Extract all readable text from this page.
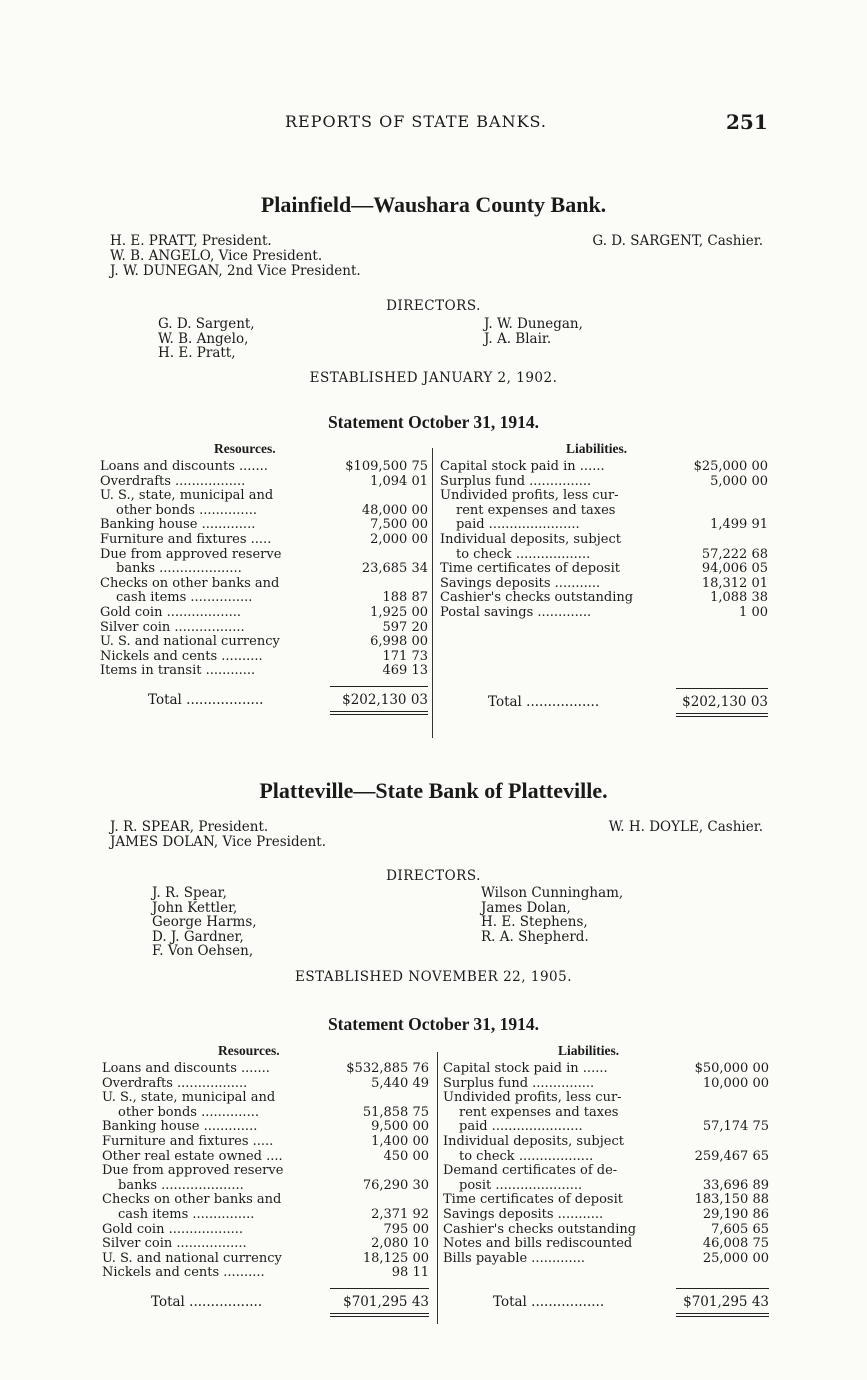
REPORTS OF STATE BANKS.	251
Plainfield—Waushara County Bank.
H. E. PRATT, President.
W. B. ANGELO, Vice President.
J. W. DUNEGAN, 2nd Vice President.
G. D. SARGENT, Cashier.
DIRECTORS.
G. D. Sargent,
W. B. Angelo,
H. E. Pratt,
J. W. Dunegan,
J. A. Blair.
ESTABLISHED JANUARY 2, 1902.
Statement October 31, 1914.
Resources.	Liabilities.
Loans and discounts .......	$109,500 75
Overdrafts .................	1,094 01
U. S., state, municipal and
other bonds ..............	48,000 00
Banking house .............	7,500 00
Furniture and fixtures .....	2,000 00
Due from approved reserve
banks ....................	23,685 34
Checks on other banks and
cash items ...............	188 87
Gold coin ..................	1,925 00
Silver coin .................	597 20
U. S. and national currency	6,998 00
Nickels and cents ..........	171 73
Items in transit ............	469 13
Capital stock paid in ......	$25,000 00
Surplus fund ...............	5,000 00
Undivided profits, less cur-
rent expenses and taxes
paid ......................	1,499 91
Individual deposits, subject
to check ..................	57,222 68
Time certificates of deposit	94,006 05
Savings deposits ...........	18,312 01
Cashier's checks outstanding	1,088 38
Postal savings .............	1 00
Total ..................	$202,130 03	Total .................	$202,130 03
Platteville—State Bank of Platteville.
J. R. SPEAR, President.
JAMES DOLAN, Vice President.
W. H. DOYLE, Cashier.
DIRECTORS.
J. R. Spear,
John Kettler,
George Harms,
D. J. Gardner,
F. Von Oehsen,
Wilson Cunningham,
James Dolan,
H. E. Stephens,
R. A. Shepherd.
ESTABLISHED NOVEMBER 22, 1905.
Statement October 31, 1914.
Resources.	Liabilities.
Loans and discounts .......	$532,885 76
Overdrafts .................	5,440 49
U. S., state, municipal and
other bonds ..............	51,858 75
Banking house .............	9,500 00
Furniture and fixtures .....	1,400 00
Other real estate owned ....	450 00
Due from approved reserve
banks ....................	76,290 30
Checks on other banks and
cash items ...............	2,371 92
Gold coin ..................	795 00
Silver coin .................	2,080 10
U. S. and national currency	18,125 00
Nickels and cents ..........	98 11
Capital stock paid in ......	$50,000 00
Surplus fund ...............	10,000 00
Undivided profits, less cur-
rent expenses and taxes
paid ......................	57,174 75
Individual deposits, subject
to check ..................	259,467 65
Demand certificates of de-
posit .....................	33,696 89
Time certificates of deposit	183,150 88
Savings deposits ...........	29,190 86
Cashier's checks outstanding	7,605 65
Notes and bills rediscounted	46,008 75
Bills payable .............	25,000 00
Total .................	$701,295 43	Total .................	$701,295 43
